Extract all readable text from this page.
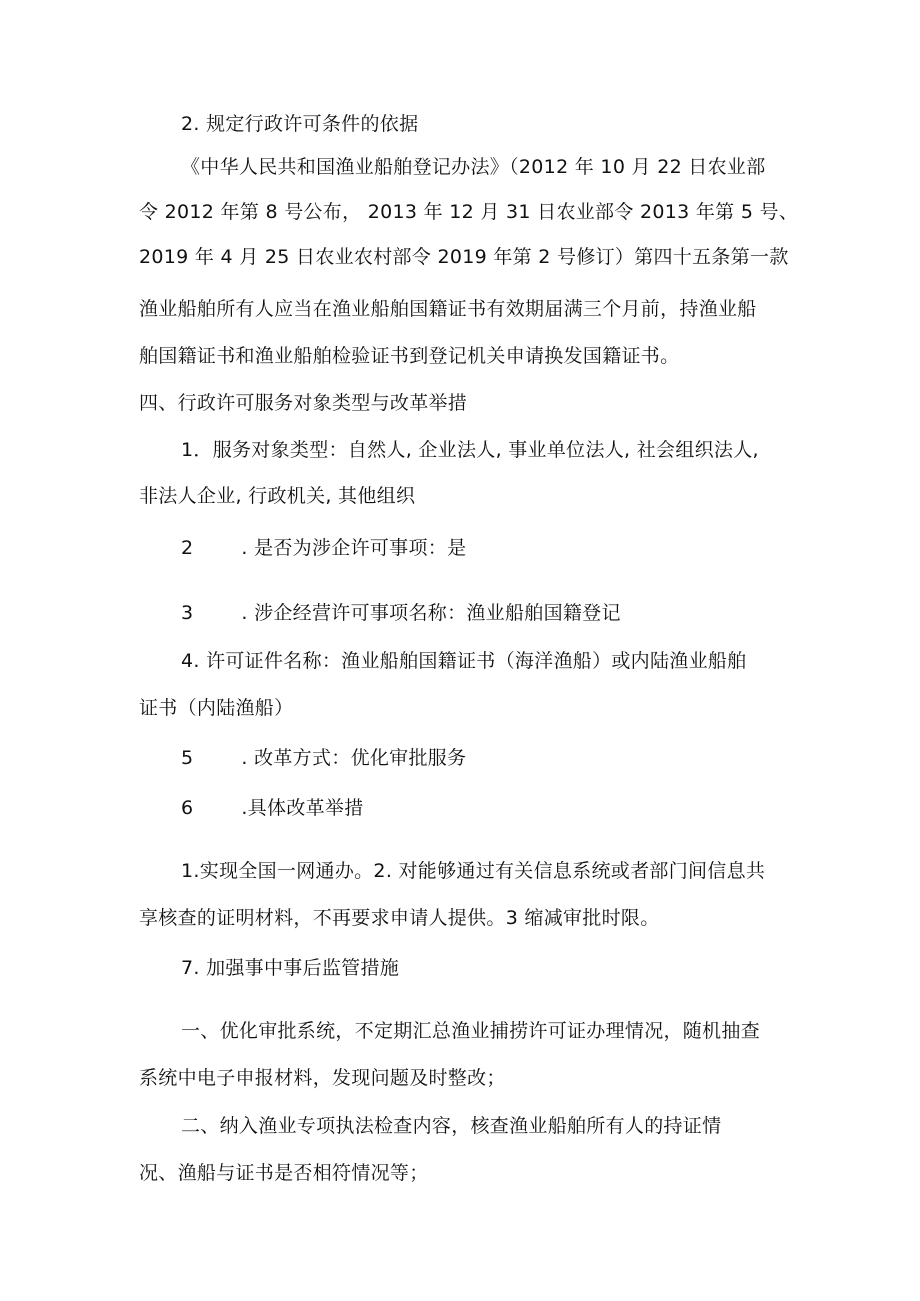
2. 规定行政许可条件的依据
《中华人民共和国渔业船舶登记办法》（2012 年 10 月 22 日农业部
令 2012 年第 8 号公布， 2013 年 12 月 31 日农业部令 2013 年第 5 号、
2019 年 4 月 25 日农业农村部令 2019 年第 2 号修订）第四十五条第一款
渔业船舶所有人应当在渔业船舶国籍证书有效期届满三个月前，持渔业船
舶国籍证书和渔业船舶检验证书到登记机关申请换发国籍证书。
四、行政许可服务对象类型与改革举措
1．服务对象类型：自然人, 企业法人, 事业单位法人, 社会组织法人,
非法人企业, 行政机关, 其他组织
2	. 是否为涉企许可事项：是
3	. 涉企经营许可事项名称：渔业船舶国籍登记
4. 许可证件名称：渔业船舶国籍证书（海洋渔船）或内陆渔业船舶
证书（内陆渔船）
5	. 改革方式：优化审批服务
6	.具体改革举措
1.实现全国一网通办。2. 对能够通过有关信息系统或者部门间信息共
享核查的证明材料，不再要求申请人提供。3 缩减审批时限。
7. 加强事中事后监管措施
一、优化审批系统，不定期汇总渔业捕捞许可证办理情况，随机抽查
系统中电子申报材料，发现问题及时整改；
二、纳入渔业专项执法检查内容，核查渔业船舶所有人的持证情
况、渔船与证书是否相符情况等；
